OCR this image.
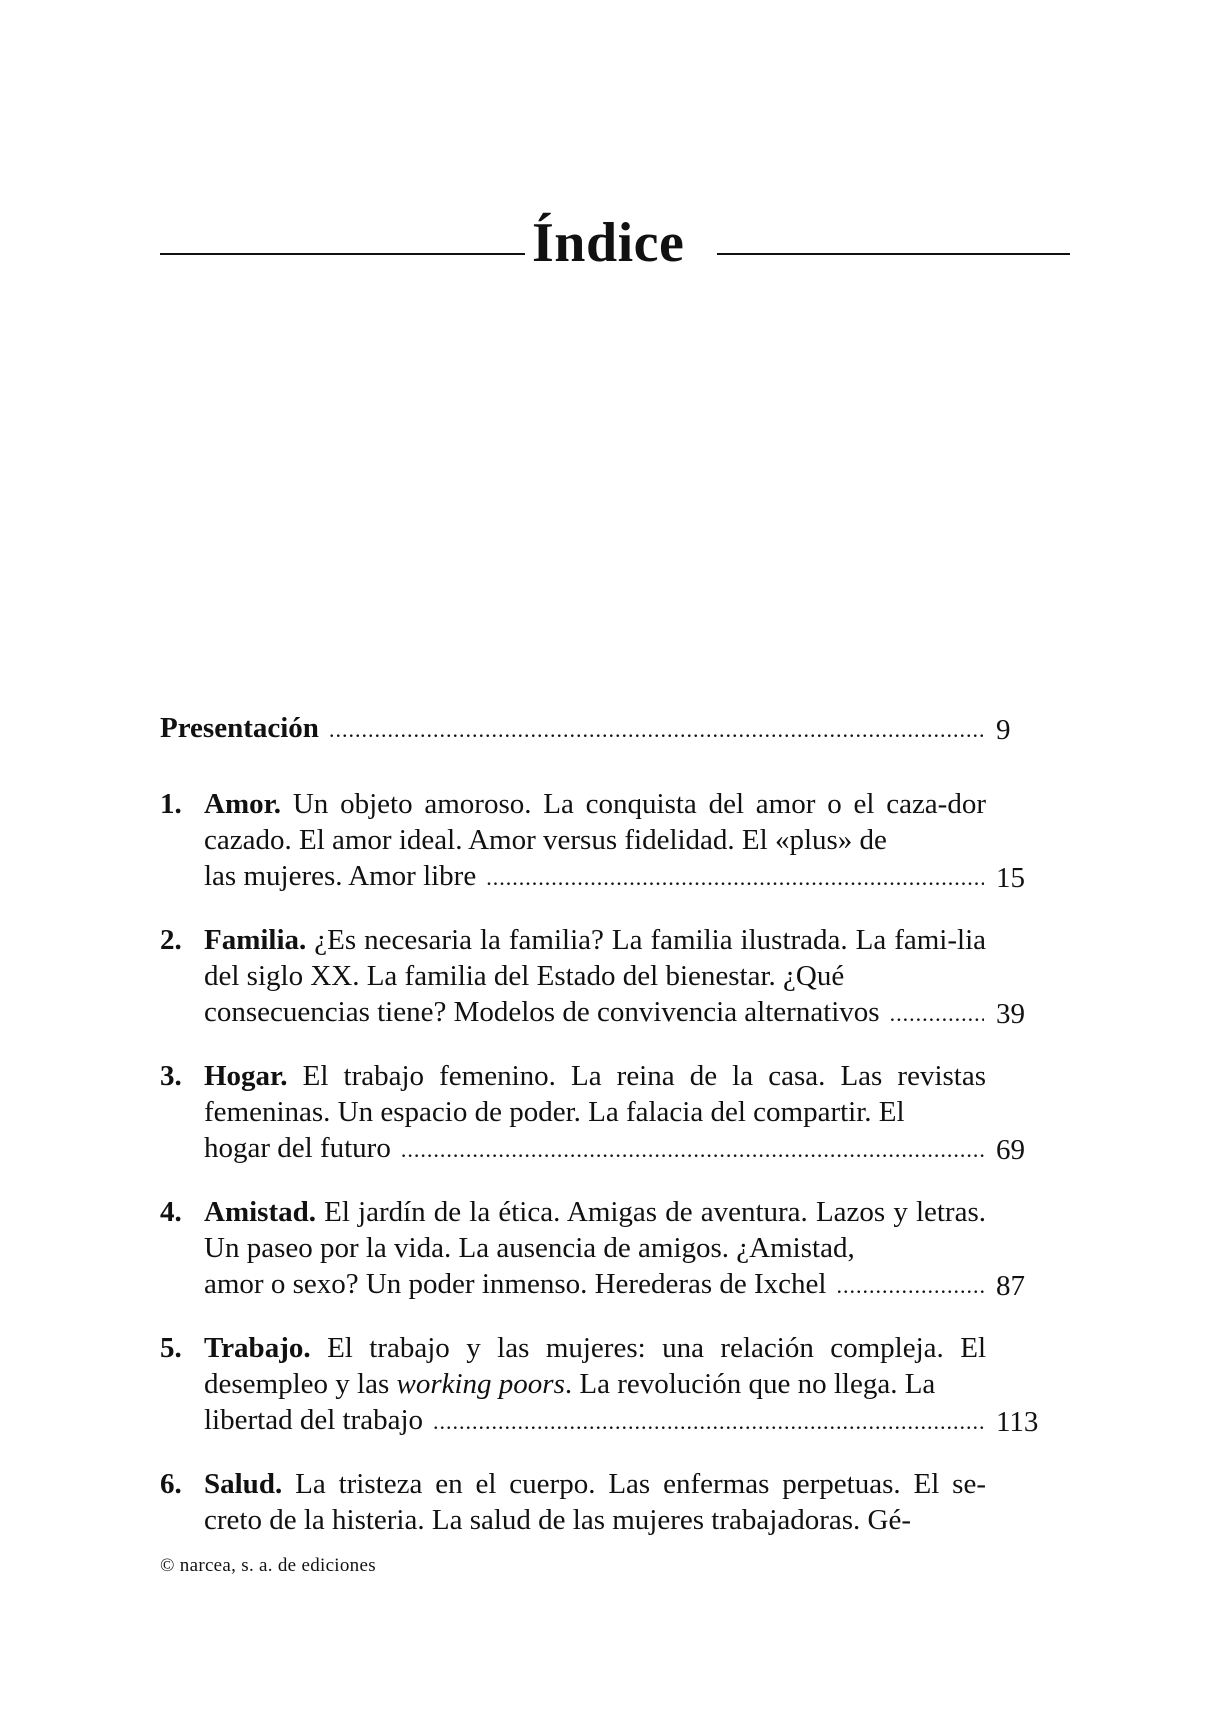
Índice
Presentación .....	9
1. Amor. Un objeto amoroso. La conquista del amor o el caza-dor cazado. El amor ideal. Amor versus fidelidad. El «plus» de
las mujeres. Amor libre .....	15
2. Familia. ¿Es necesaria la familia? La familia ilustrada. La fami-lia del siglo XX. La familia del Estado del bienestar. ¿Qué
consecuencias tiene? Modelos de convivencia alternativos .....	39
3. Hogar. El trabajo femenino. La reina de la casa. Las revistas femeninas. Un espacio de poder. La falacia del compartir. El
hogar del futuro .....	69
4. Amistad. El jardín de la ética. Amigas de aventura. Lazos y letras. Un paseo por la vida. La ausencia de amigos. ¿Amistad,
amor o sexo? Un poder inmenso. Herederas de Ixchel .....	87
5. Trabajo. El trabajo y las mujeres: una relación compleja. El desempleo y las working poors. La revolución que no llega. La
libertad del trabajo .....	113
6. Salud. La tristeza en el cuerpo. Las enfermas perpetuas. El se-creto de la histeria. La salud de las mujeres trabajadoras. Gé-
© narcea, s. a. de ediciones
